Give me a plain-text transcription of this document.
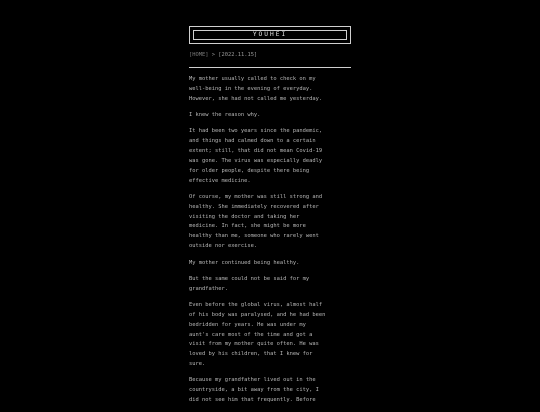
YOUHEI
[HOME] > [2022.11.15]

My mother usually called to check on my
well-being in the evening of everyday.
However, she had not called me yesterday.

I knew the reason why.

It had been two years since the pandemic,
and things had calmed down to a certain
extent; still, that did not mean Covid-19
was gone. The virus was especially deadly
for older people, despite there being
effective medicine.

Of course, my mother was still strong and
healthy. She immediately recovered after
visiting the doctor and taking her
medicine. In fact, she might be more
healthy than me, someone who rarely went
outside nor exercise.

My mother continued being healthy.

But the same could not be said for my
grandfather.

Even before the global virus, almost half
of his body was paralysed, and he had been
bedridden for years. He was under my
aunt's care most of the time and got a
visit from my mother quite often. He was
loved by his children, that I knew for
sure.

Because my grandfather lived out in the
countryside, a bit away from the city, I
did not see him that frequently. Before
